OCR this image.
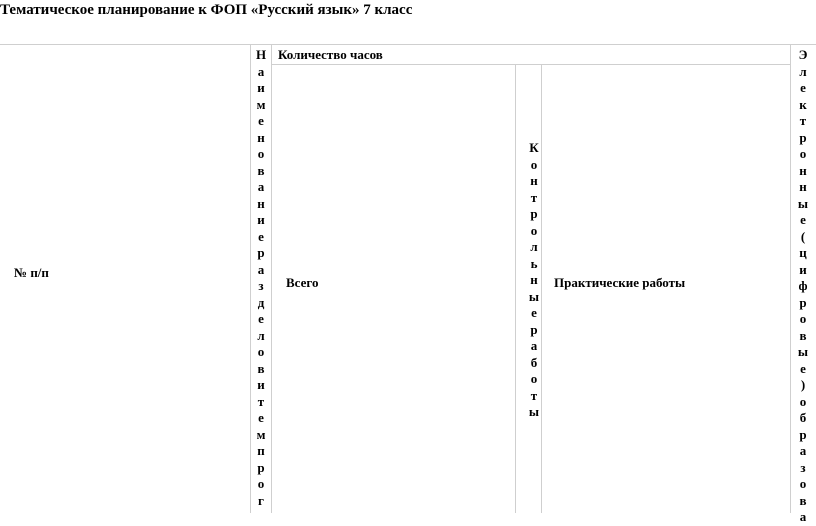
Тематическое планирование к ФОП «Русский язык» 7 класс
№ п/п
Н
а
и
м
е
н
о
в
а
н
и
е
р
а
з
д
е
л
о
в
и
т
е
м
п
р
о
г
Количество часов
Всего
К
о
н
т
р
о
л
ь
н
ы
е
р
а
б
о
т
ы
Практические работы
Э
л
е
к
т
р
о
н
н
ы
е
(
ц
и
ф
р
о
в
ы
е
)
о
б
р
а
з
о
в
а
